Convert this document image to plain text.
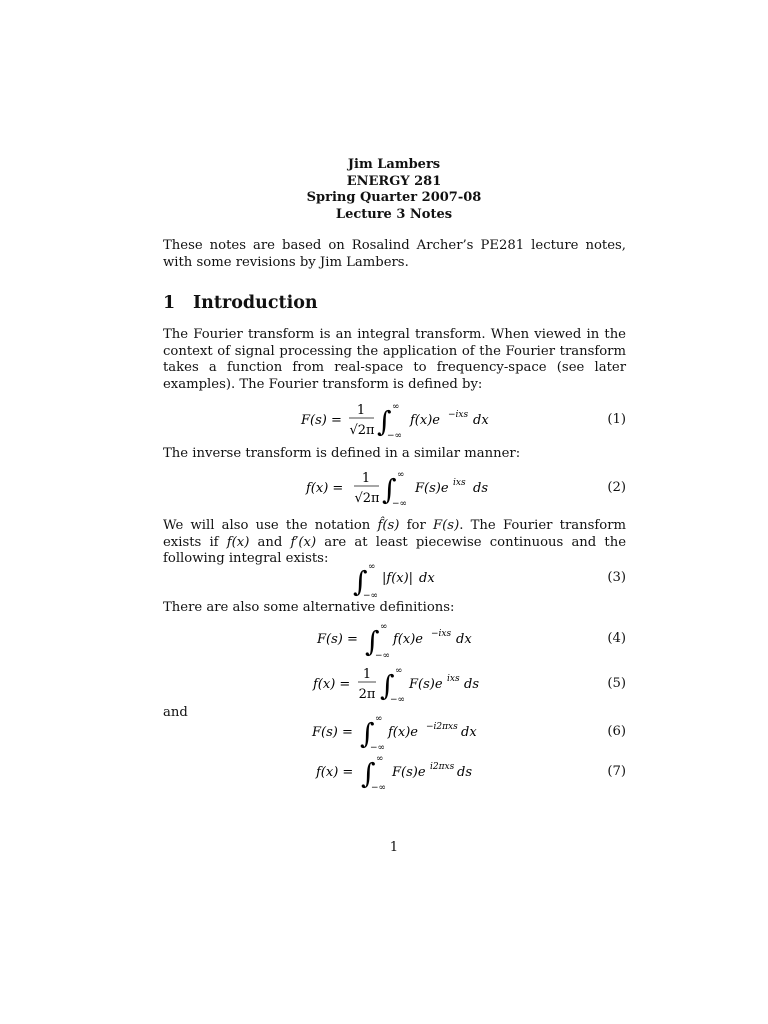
Jim Lambers
ENERGY 281
Spring Quarter 2007-08
Lecture 3 Notes
These notes are based on Rosalind Archer’s PE281 lecture notes, with some revisions by Jim Lambers.
1 Introduction
The Fourier transform is an integral transform. When viewed in the context of signal processing the application of the Fourier transform takes a function from real-space to frequency-space (see later examples). The Fourier transform is defined by:
F(s) =
1
√2π ∫ ∞
−∞
f(x)e −ixs dx	(1)
The inverse transform is defined in a similar manner:
f(x) =
1
√2π ∫ ∞
−∞
F(s)e ixs ds	(2)
We will also use the notation f̂(s) for F(s). The Fourier transform exists if f(x) and f′(x) are at least piecewise continuous and the following integral exists:
∫ ∞
−∞
|f(x)| dx	(3)
There are also some alternative definitions:
F(s) = ∫ ∞
−∞
f(x)e −ixs dx	(4)
f(x) =
1
2π ∫ ∞
−∞
F(s)e ixs ds	(5)
and
F(s) = ∫ ∞
−∞
f(x)e −i2πxs dx	(6)
f(x) = ∫ ∞
−∞
F(s)e i2πxs ds	(7)
1
